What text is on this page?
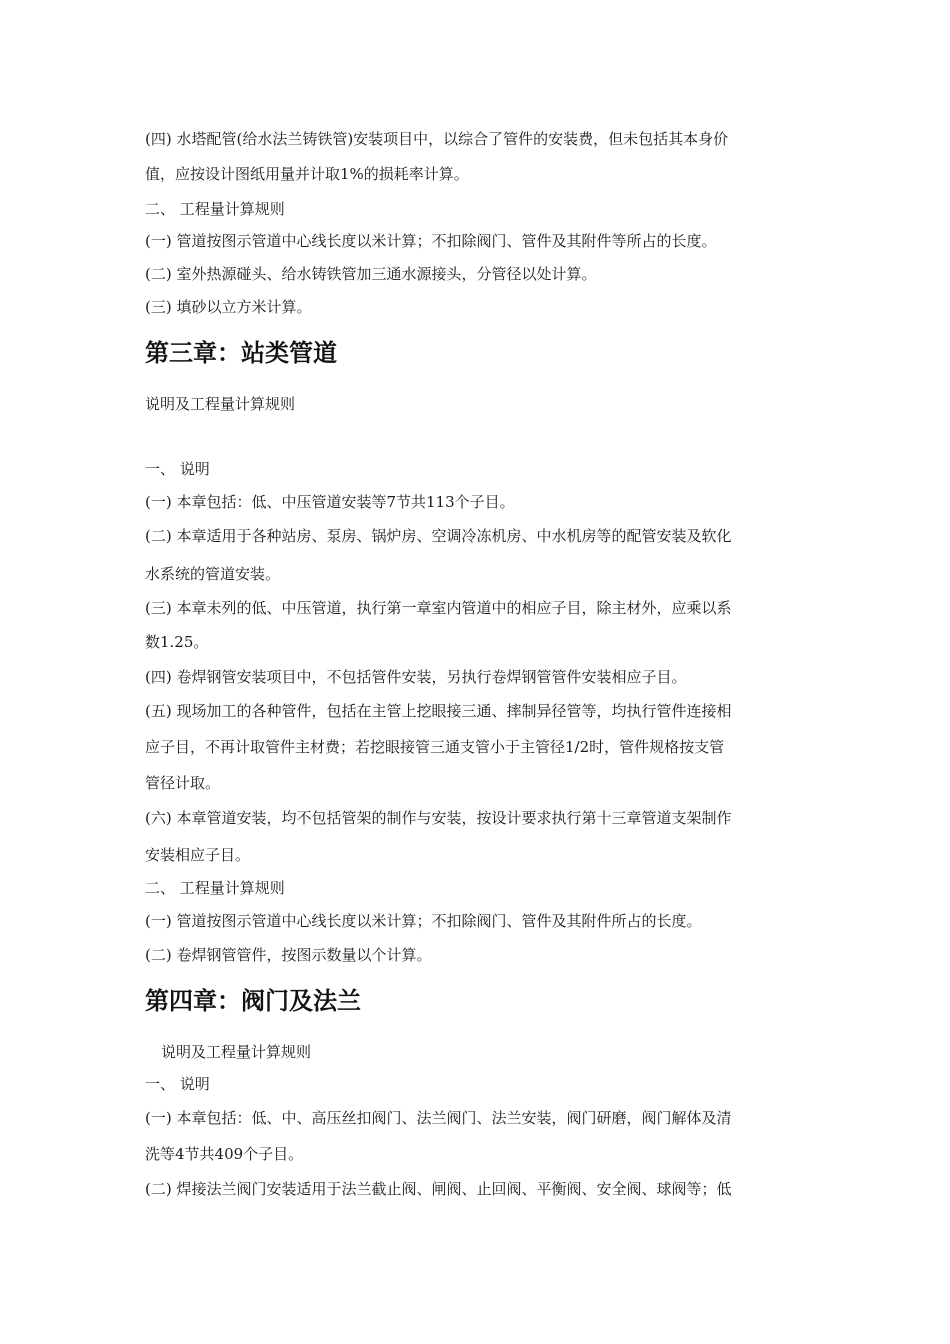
(四) 水塔配管(给水法兰铸铁管)安装项目中，以综合了管件的安装费，但未包括其本身价
值，应按设计图纸用量并计取1%的损耗率计算。
二、 工程量计算规则
(一) 管道按图示管道中心线长度以米计算；不扣除阀门、管件及其附件等所占的长度。
(二) 室外热源碰头、给水铸铁管加三通水源接头，分管径以处计算。
(三) 填砂以立方米计算。
第三章：站类管道
说明及工程量计算规则
一、 说明
(一) 本章包括：低、中压管道安装等7节共113个子目。
(二) 本章适用于各种站房、泵房、锅炉房、空调冷冻机房、中水机房等的配管安装及软化
水系统的管道安装。
(三) 本章未列的低、中压管道，执行第一章室内管道中的相应子目，除主材外，应乘以系
数1.25。
(四) 卷焊钢管安装项目中，不包括管件安装，另执行卷焊钢管管件安装相应子目。
(五) 现场加工的各种管件，包括在主管上挖眼接三通、摔制异径管等，均执行管件连接相
应子目，不再计取管件主材费；若挖眼接管三通支管小于主管径1/2时，管件规格按支管
管径计取。
(六) 本章管道安装，均不包括管架的制作与安装，按设计要求执行第十三章管道支架制作
安装相应子目。
二、 工程量计算规则
(一) 管道按图示管道中心线长度以米计算；不扣除阀门、管件及其附件所占的长度。
(二) 卷焊钢管管件，按图示数量以个计算。
第四章：阀门及法兰
说明及工程量计算规则
一、 说明
(一) 本章包括：低、中、高压丝扣阀门、法兰阀门、法兰安装，阀门研磨，阀门解体及清
洗等4节共409个子目。
(二) 焊接法兰阀门安装适用于法兰截止阀、闸阀、止回阀、平衡阀、安全阀、球阀等；低
